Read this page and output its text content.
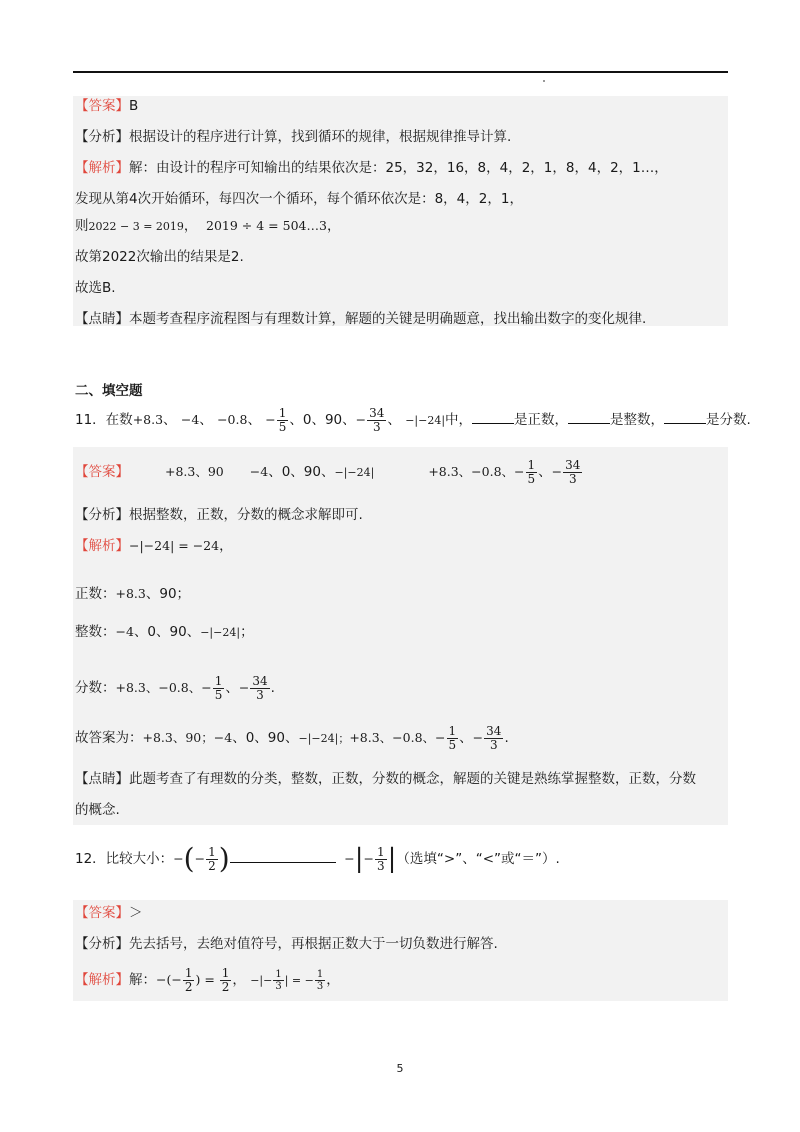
【答案】B
【分析】根据设计的程序进行计算，找到循环的规律，根据规律推导计算.
【解析】解：由设计的程序可知输出的结果依次是：25，32，16，8，4，2，1，8，4，2，1…，
发现从第4次开始循环，每四次一个循环，每个循环依次是：8，4，2，1，
则2022 − 3 = 2019， 2019 ÷ 4 = 504…3，
故第2022次输出的结果是2.
故选B.
【点睛】本题考查程序流程图与有理数计算，解题的关键是明确题意，找出输出数字的变化规律.
二、填空题
11．在数+8.3、 −4、 −0.8、 − $\frac{1}{5}$ 、0、90、− $\frac{34}{3}$ 、 −|−24|中，	是正数，	是整数，	是分数.
【答案】	+8.3、90 −4、0、90、−|−24|	+8.3、−0.8、− $\frac{1}{5}$ 、− $\frac{34}{3}$
【分析】根据整数，正数，分数的概念求解即可.
【解析】−|−24| = −24，
正数：+8.3、90；
整数：−4、0、90、−|−24|；
分数：+8.3、−0.8、− $\frac{1}{5}$ 、− $\frac{34}{3}$ .
故答案为：+8.3、90；−4、0、90、−|−24|；+8.3、−0.8、− $\frac{1}{5}$ 、− $\frac{34}{3}$ .
【点睛】此题考查了有理数的分类，整数，正数，分数的概念，解题的关键是熟练掌握整数，正数，分数
的概念.
12．比较大小：−(− $\frac{1}{2}$ )	−|− $\frac{1}{3}$ |（选填“>”、“<”或“＝”）.
【答案】＞
【分析】先去括号，去绝对值符号，再根据正数大于一切负数进行解答.
【解析】解：−(− $\frac{1}{2}$ ) = $\frac{1}{2}$ ， −|− $\frac{1}{3}$ | = − $\frac{1}{3}$ ，
5
